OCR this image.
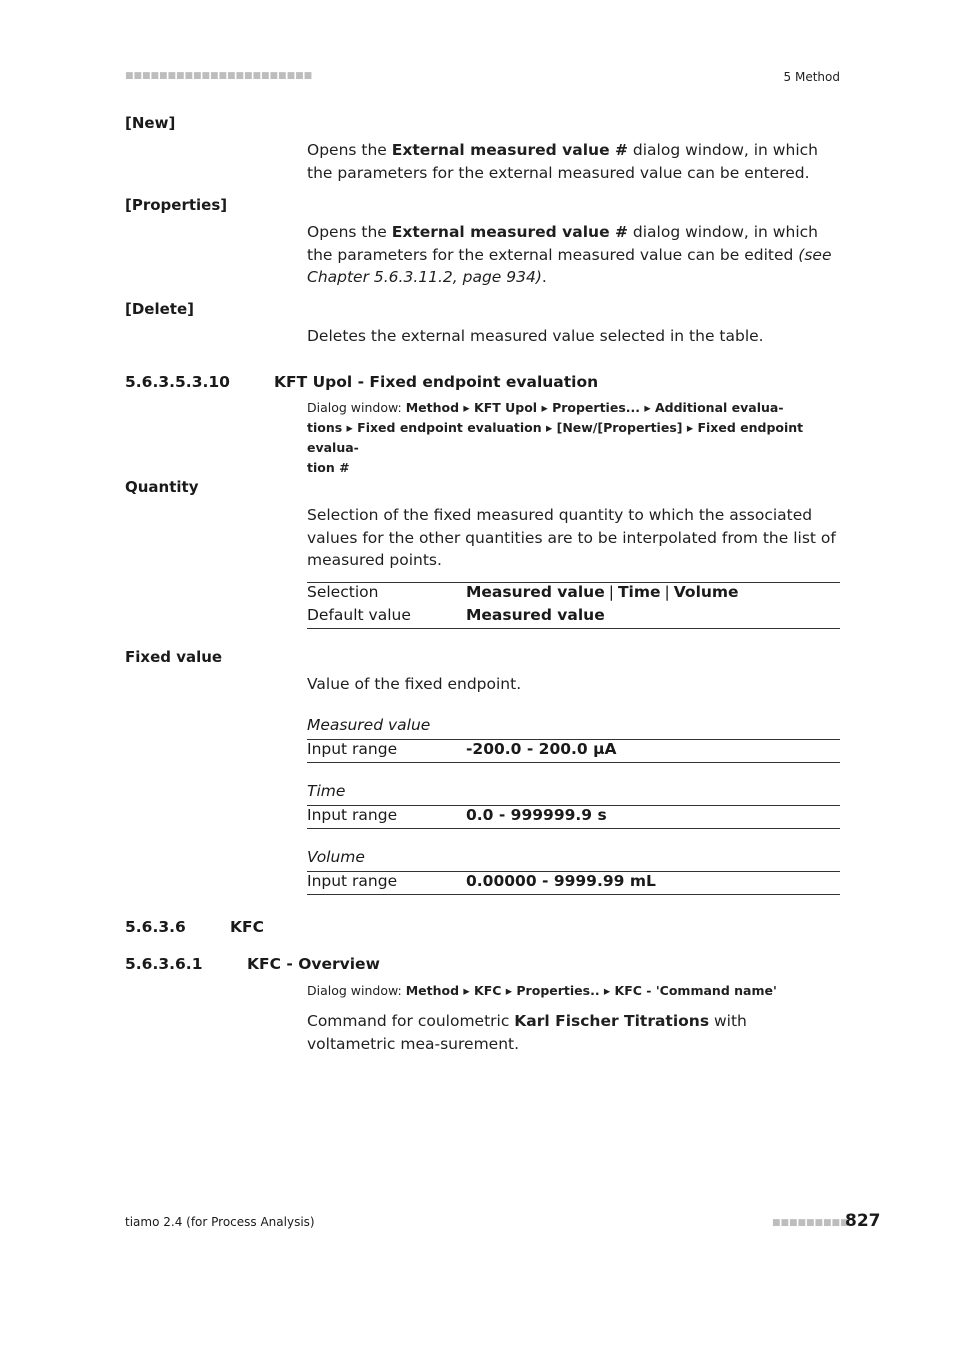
■■■■■■■■■■■■■■■■■■■■■■	5 Method
[New]
Opens the External measured value # dialog window, in which the parameters for the external measured value can be entered.
[Properties]
Opens the External measured value # dialog window, in which the parameters for the external measured value can be edited (see Chapter 5.6.3.11.2, page 934).
[Delete]
Deletes the external measured value selected in the table.
5.6.3.5.3.10	KFT Upol - Fixed endpoint evaluation
Dialog window: Method ▸ KFT Upol ▸ Properties... ▸ Additional evalua-
tions ▸ Fixed endpoint evaluation ▸ [New/[Properties] ▸ Fixed endpoint evalua-
tion #
Quantity
Selection of the fixed measured quantity to which the associated values for the other quantities are to be interpolated from the list of measured points.
Selection	Measured value | Time | Volume
Default value	Measured value
Fixed value
Value of the fixed endpoint.
Measured value
Input range	-200.0 - 200.0 µA
Time
Input range	0.0 - 999999.9 s
Volume
Input range	0.00000 - 9999.99 mL
5.6.3.6	KFC
5.6.3.6.1	KFC - Overview
Dialog window: Method ▸ KFC ▸ Properties.. ▸ KFC - 'Command name'
Command for coulometric Karl Fischer Titrations with voltametric mea-surement.
tiamo 2.4 (for Process Analysis)	■■■■■■■■■
827
